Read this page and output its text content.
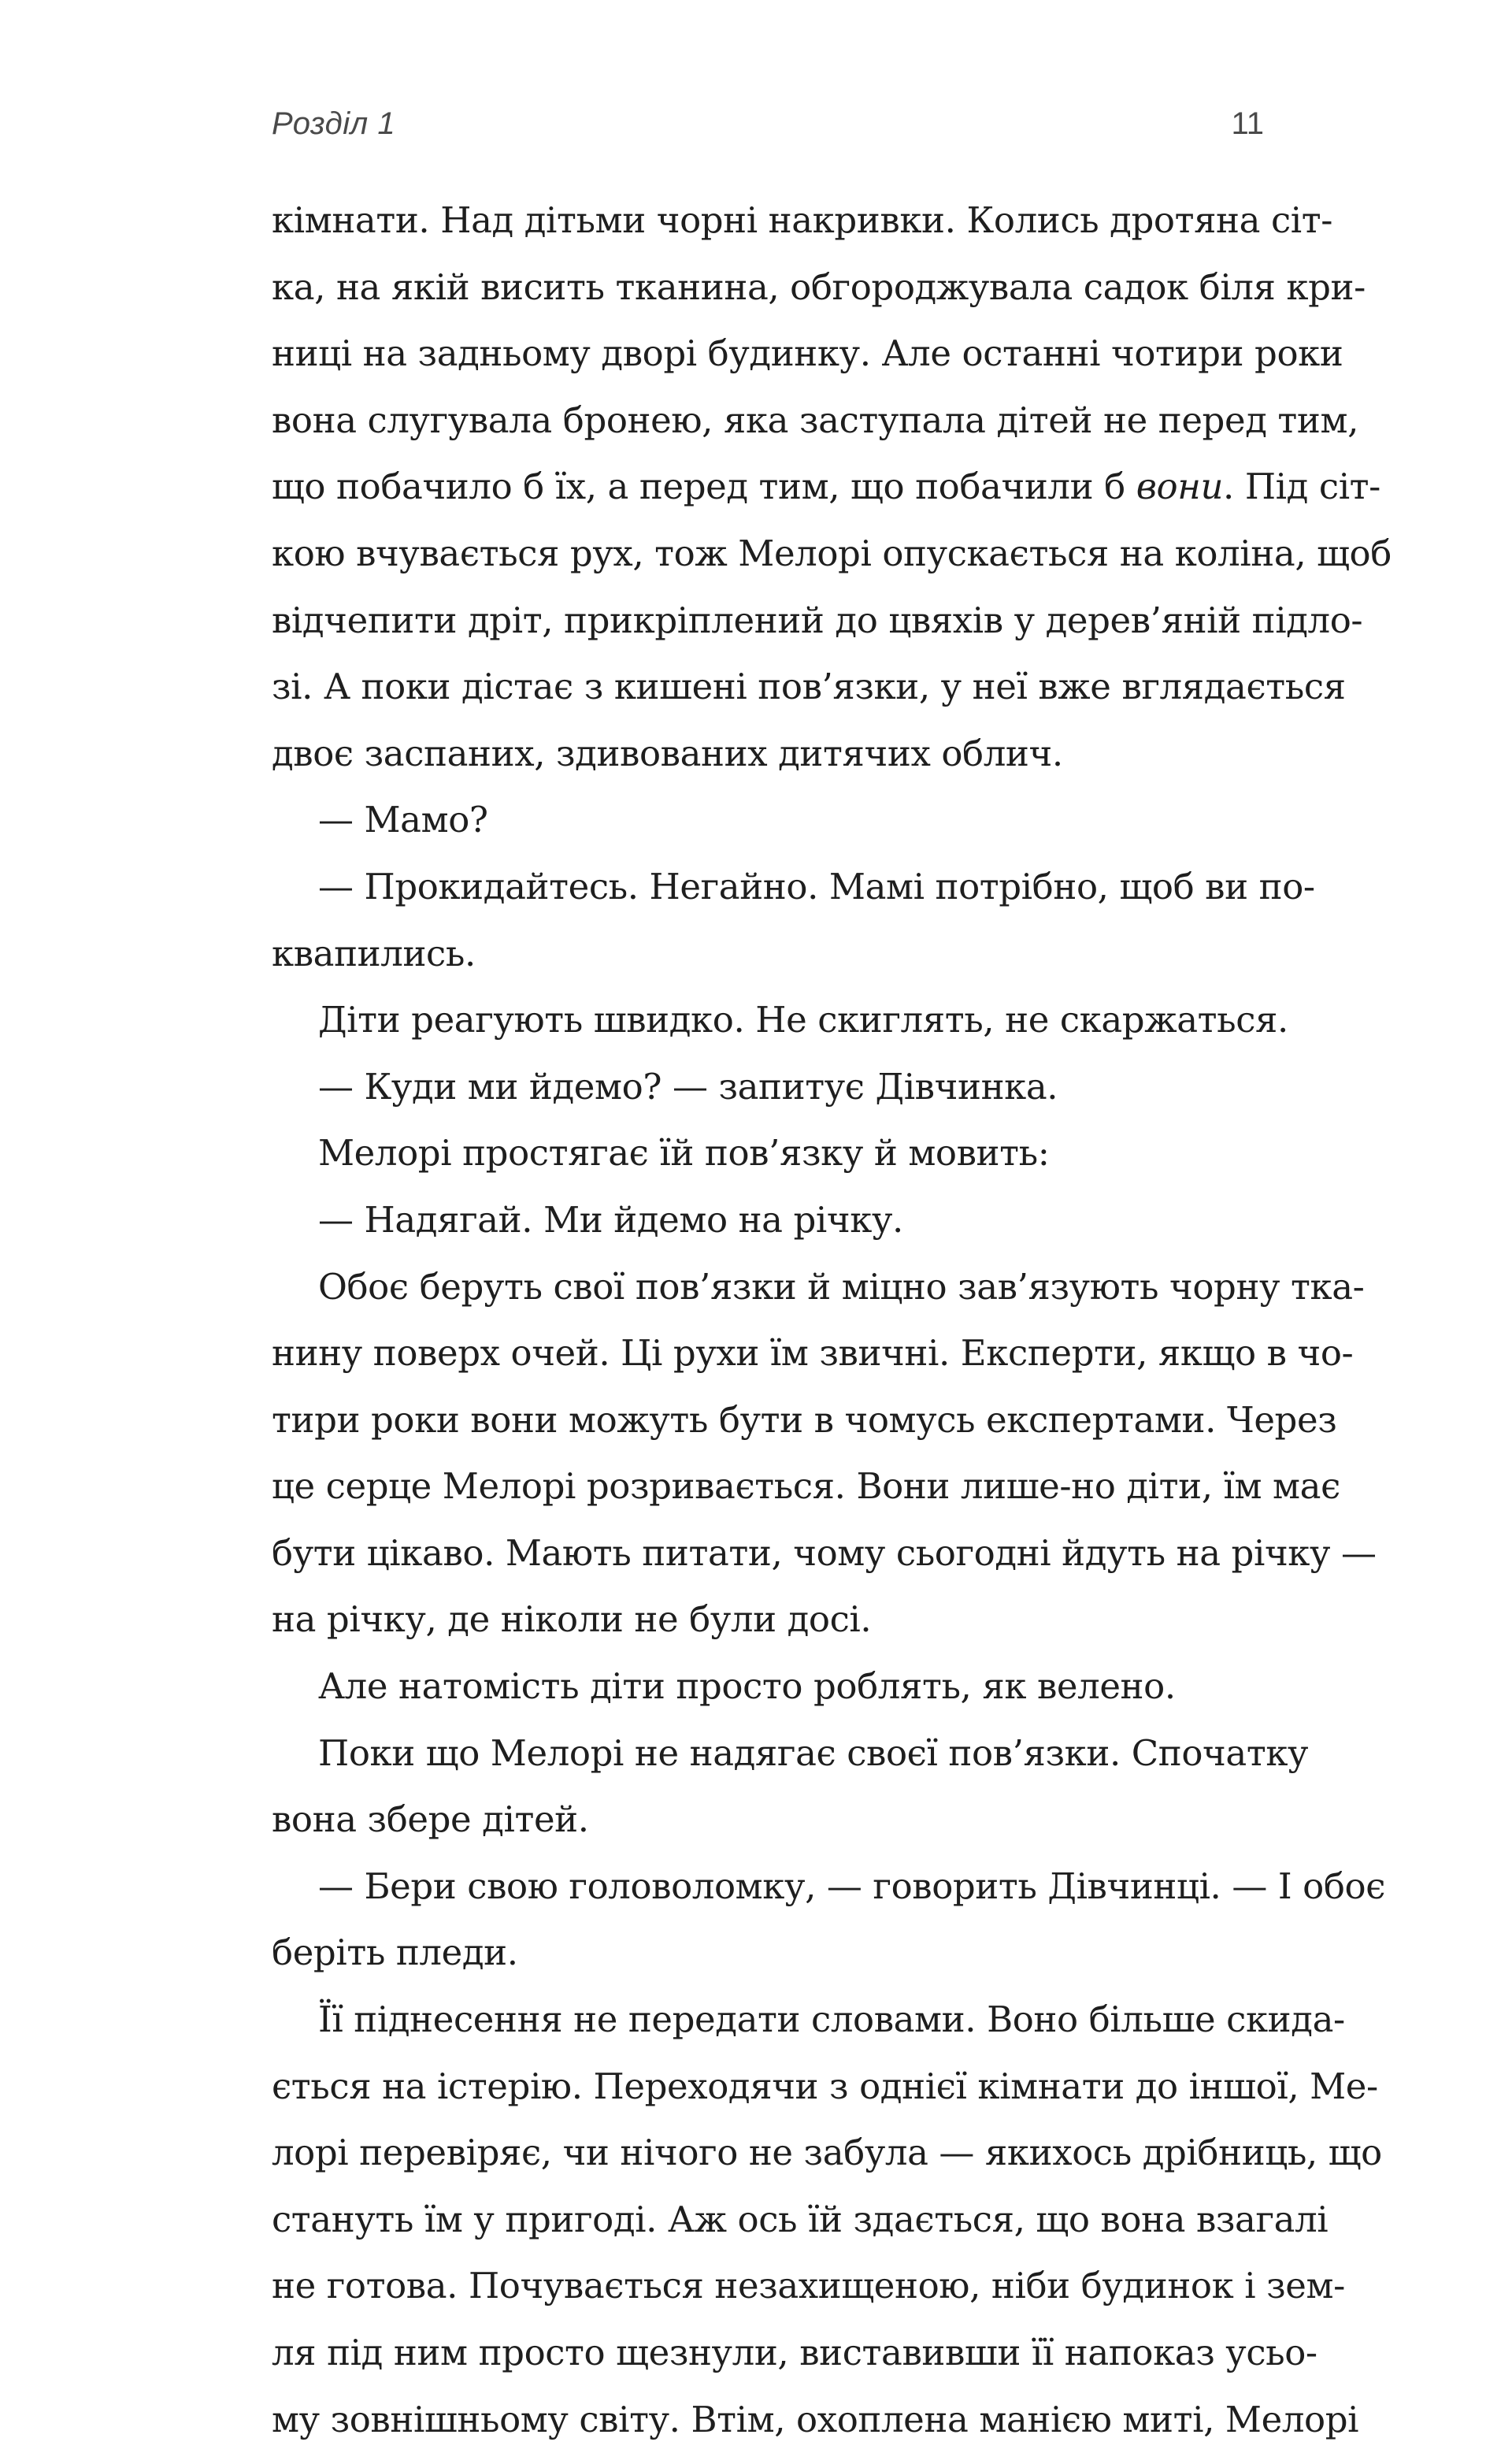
Розділ 1	11
кімнати. Над дітьми чорні накривки. Колись дротяна сіт-
ка, на якій висить тканина, обгороджувала садок біля кри-
ниці на задньому дворі будинку. Але останні чотири роки
вона слугувала бронею, яка заступала дітей не перед тим,
що побачило б їх, а перед тим, що побачили б вони. Під сіт-
кою вчувається рух, тож Мелорі опускається на коліна, щоб
відчепити дріт, прикріплений до цвяхів у дерев’яній підло-
зі. А поки дістає з кишені пов’язки, у неї вже вглядається
двоє заспаних, здивованих дитячих облич.
— Мамо?
— Прокидайтесь. Негайно. Мамі потрібно, щоб ви по-
квапились.
Діти реагують швидко. Не скиглять, не скаржаться.
— Куди ми йдемо? — запитує Дівчинка.
Мелорі простягає їй пов’язку й мовить:
— Надягай. Ми йдемо на річку.
Обоє беруть свої пов’язки й міцно зав’язують чорну тка-
нину поверх очей. Ці рухи їм звичні. Експерти, якщо в чо-
тири роки вони можуть бути в чомусь експертами. Через
це серце Мелорі розривається. Вони лише-но діти, їм має
бути цікаво. Мають питати, чому сьогодні йдуть на річку —
на річку, де ніколи не були досі.
Але натомість діти просто роблять, як велено.
Поки що Мелорі не надягає своєї пов’язки. Спочатку
вона збере дітей.
— Бери свою головоломку, — говорить Дівчинці. — І обоє
беріть пледи.
Її піднесення не передати словами. Воно більше скида-
ється на істерію. Переходячи з однієї кімнати до іншої, Ме-
лорі перевіряє, чи нічого не забула — якихось дрібниць, що
стануть їм у пригоді. Аж ось їй здається, що вона взагалі
не готова. Почувається незахищеною, ніби будинок і зем-
ля під ним просто щезнули, виставивши її напоказ усьо-
му зовнішньому світу. Втім, охоплена манією миті, Мелорі
